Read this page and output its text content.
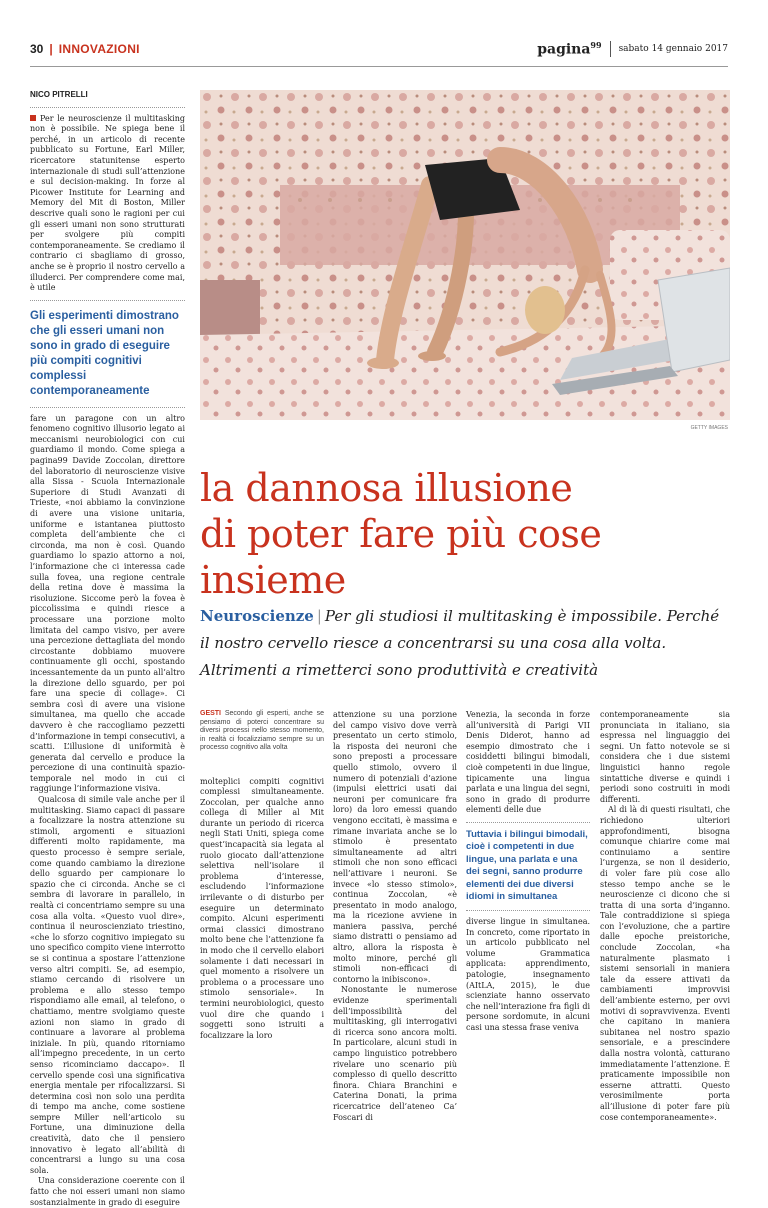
30 | INNOVAZIONI	pagina$^{99}$ sabato 14 gennaio 2017
NICO PITRELLI

Per le neuroscienze il multitasking non è possibile. Ne spiega bene il perché, in un articolo di recente pubblicato su Fortune, Earl Miller, ricercatore statunitense esperto internazionale di studi sull’attenzione e sul decision-making. In forze al Picower Institute for Learning and Memory del Mit di Boston, Miller descrive quali sono le ragioni per cui gli esseri umani non sono strutturati per svolgere più compiti contemporaneamente. Se crediamo il contrario ci sbagliamo di grosso, anche se è proprio il nostro cervello a illuderci. Per comprendere come mai, è utile

Gli esperimenti dimostrano che gli esseri umani non sono in grado di eseguire più compiti cognitivi complessi contemporaneamente

fare un paragone con un altro fenomeno cognitivo illusorio legato ai meccanismi neurobiologici con cui guardiamo il mondo. Come spiega a pagina99 Davide Zoccolan, direttore del laboratorio di neuroscienze visive alla Sissa - Scuola Internazionale Superiore di Studi Avanzati di Trieste, «noi abbiamo la convinzione di avere una visione unitaria, uniforme e istantanea piuttosto completa dell’ambiente che ci circonda, ma non è così. Quando guardiamo lo spazio attorno a noi, l’informazione che ci interessa cade sulla fovea, una regione centrale della retina dove è massima la risoluzione. Siccome però la fovea è piccolissima e quindi riesce a processare una porzione molto limitata del campo visivo, per avere una percezione dettagliata del mondo circostante dobbiamo muovere continuamente gli occhi, spostando incessantemente da un punto all’altro la direzione dello sguardo, per poi fare una specie di collage». Ci sembra così di avere una visione simultanea, ma quello che accade davvero è che raccogliamo pezzetti d’informazione in tempi consecutivi, a scatti. L’illusione di uniformità è generata dal cervello e produce la percezione di una continuità spazio-temporale nel modo in cui ci raggiunge l’informazione visiva.

Qualcosa di simile vale anche per il multitasking. Siamo capaci di passare a focalizzare la nostra attenzione su stimoli, argomenti e situazioni differenti molto rapidamente, ma questo processo è sempre seriale, come quando cambiamo la direzione dello sguardo per campionare lo spazio che ci circonda. Anche se ci sembra di lavorare in parallelo, in realtà ci concentriamo sempre su una cosa alla volta. «Questo vuol dire», continua il neuroscienziato triestino, «che lo sforzo cognitivo impiegato su uno specifico compito viene interrotto se si continua a spostare l’attenzione verso altri compiti. Se, ad esempio, stiamo cercando di risolvere un problema e allo stesso tempo rispondiamo alle email, al telefono, o chattiamo, mentre svolgiamo queste azioni non siamo in grado di continuare a lavorare al problema iniziale. In più, quando ritorniamo all’impegno precedente, in un certo senso ricominciamo daccapo». Il cervello spende così una significativa energia mentale per rifocalizzarsi. Si determina così non solo una perdita di tempo ma anche, come sostiene sempre Miller nell’articolo su Fortune, una diminuzione della creatività, dato che il pensiero innovativo è legato all’abilità di concentrarsi a lungo su una cosa sola.

Una considerazione coerente con il fatto che noi esseri umani non siamo sostanzialmente in grado di eseguire

GETTY IMAGES
la dannosa illusione
di poter fare più cose insieme
Neuroscienze | Per gli studiosi il multitasking è impossibile. Perché il nostro cervello riesce a concentrarsi su una cosa alla volta. Altrimenti a rimetterci sono produttività e creatività
GESTI Secondo gli esperti, anche se pensiamo di poterci concentrare su diversi processi nello stesso momento, in realtà ci focalizziamo sempre su un processo cognitivo alla volta

molteplici compiti cognitivi complessi simultaneamente. Zoccolan, per qualche anno collega di Miller al Mit durante un periodo di ricerca negli Stati Uniti, spiega come quest’incapacità sia legata al ruolo giocato dall’attenzione selettiva nell’isolare il problema d’interesse, escludendo l’informazione irrilevante o di disturbo per eseguire un determinato compito. Alcuni esperimenti ormai classici dimostrano molto bene che l’attenzione fa in modo che il cervello elabori solamente i dati necessari in quel momento a risolvere un problema o a processare uno stimolo sensoriale». In termini neurobiologici, questo vuol dire che quando i soggetti sono istruiti a focalizzare la loro

attenzione su una porzione del campo visivo dove verrà presentato un certo stimolo, la risposta dei neuroni che sono preposti a processare quello stimolo, ovvero il numero di potenziali d’azione (impulsi elettrici usati dai neuroni per comunicare fra loro) da loro emessi quando vengono eccitati, è massima e rimane invariata anche se lo stimolo è presentato simultaneamente ad altri stimoli che non sono efficaci nell’attivare i neuroni. Se invece «lo stesso stimolo», continua Zoccolan, «è presentato in modo analogo, ma la ricezione avviene in maniera passiva, perché siamo distratti o pensiamo ad altro, allora la risposta è molto minore, perché gli stimoli non-efficaci di contorno la inibiscono».

Nonostante le numerose evidenze sperimentali dell’impossibilità del multitasking, gli interrogativi di ricerca sono ancora molti. In particolare, alcuni studi in campo linguistico potrebbero rivelare uno scenario più complesso di quello descritto finora. Chiara Branchini e Caterina Donati, la prima ricercatrice dell’ateneo Ca’ Foscari di

Venezia, la seconda in forze all’università di Parigi VII Denis Diderot, hanno ad esempio dimostrato che i cosiddetti bilingui bimodali, cioè competenti in due lingue, tipicamente una lingua parlata e una lingua dei segni, sono in grado di produrre elementi delle due

Tuttavia i bilingui bimodali, cioè i competenti in due lingue, una parlata e una dei segni, sanno produrre elementi dei due diversi idiomi in simultanea

diverse lingue in simultanea. In concreto, come riportato in un articolo pubblicato nel volume Grammatica applicata: apprendimento, patologie, insegnamento (AItLA, 2015), le due scienziate hanno osservato che nell’interazione fra figli di persone sordomute, in alcuni casi una stessa frase veniva

contemporaneamente sia pronunciata in italiano, sia espressa nel linguaggio dei segni. Un fatto notevole se si considera che i due sistemi linguistici hanno regole sintattiche diverse e quindi i periodi sono costruiti in modi differenti.

Al di là di questi risultati, che richiedono ulteriori approfondimenti, bisogna comunque chiarire come mai continuiamo a sentire l’urgenza, se non il desiderio, di voler fare più cose allo stesso tempo anche se le neuroscienze ci dicono che si tratta di una sorta d’inganno. Tale contraddizione si spiega con l’evoluzione, che a partire dalle epoche preistoriche, conclude Zoccolan, «ha naturalmente plasmato i sistemi sensoriali in maniera tale da essere attivati da cambiamenti improvvisi dell’ambiente esterno, per ovvi motivi di sopravvivenza. Eventi che capitano in maniera subitanea nel nostro spazio sensoriale, e a prescindere dalla nostra volontà, catturano immediatamente l’attenzione. È praticamente impossibile non esserne attratti. Questo verosimilmente porta all’illusione di poter fare più cose contemporaneamente».
